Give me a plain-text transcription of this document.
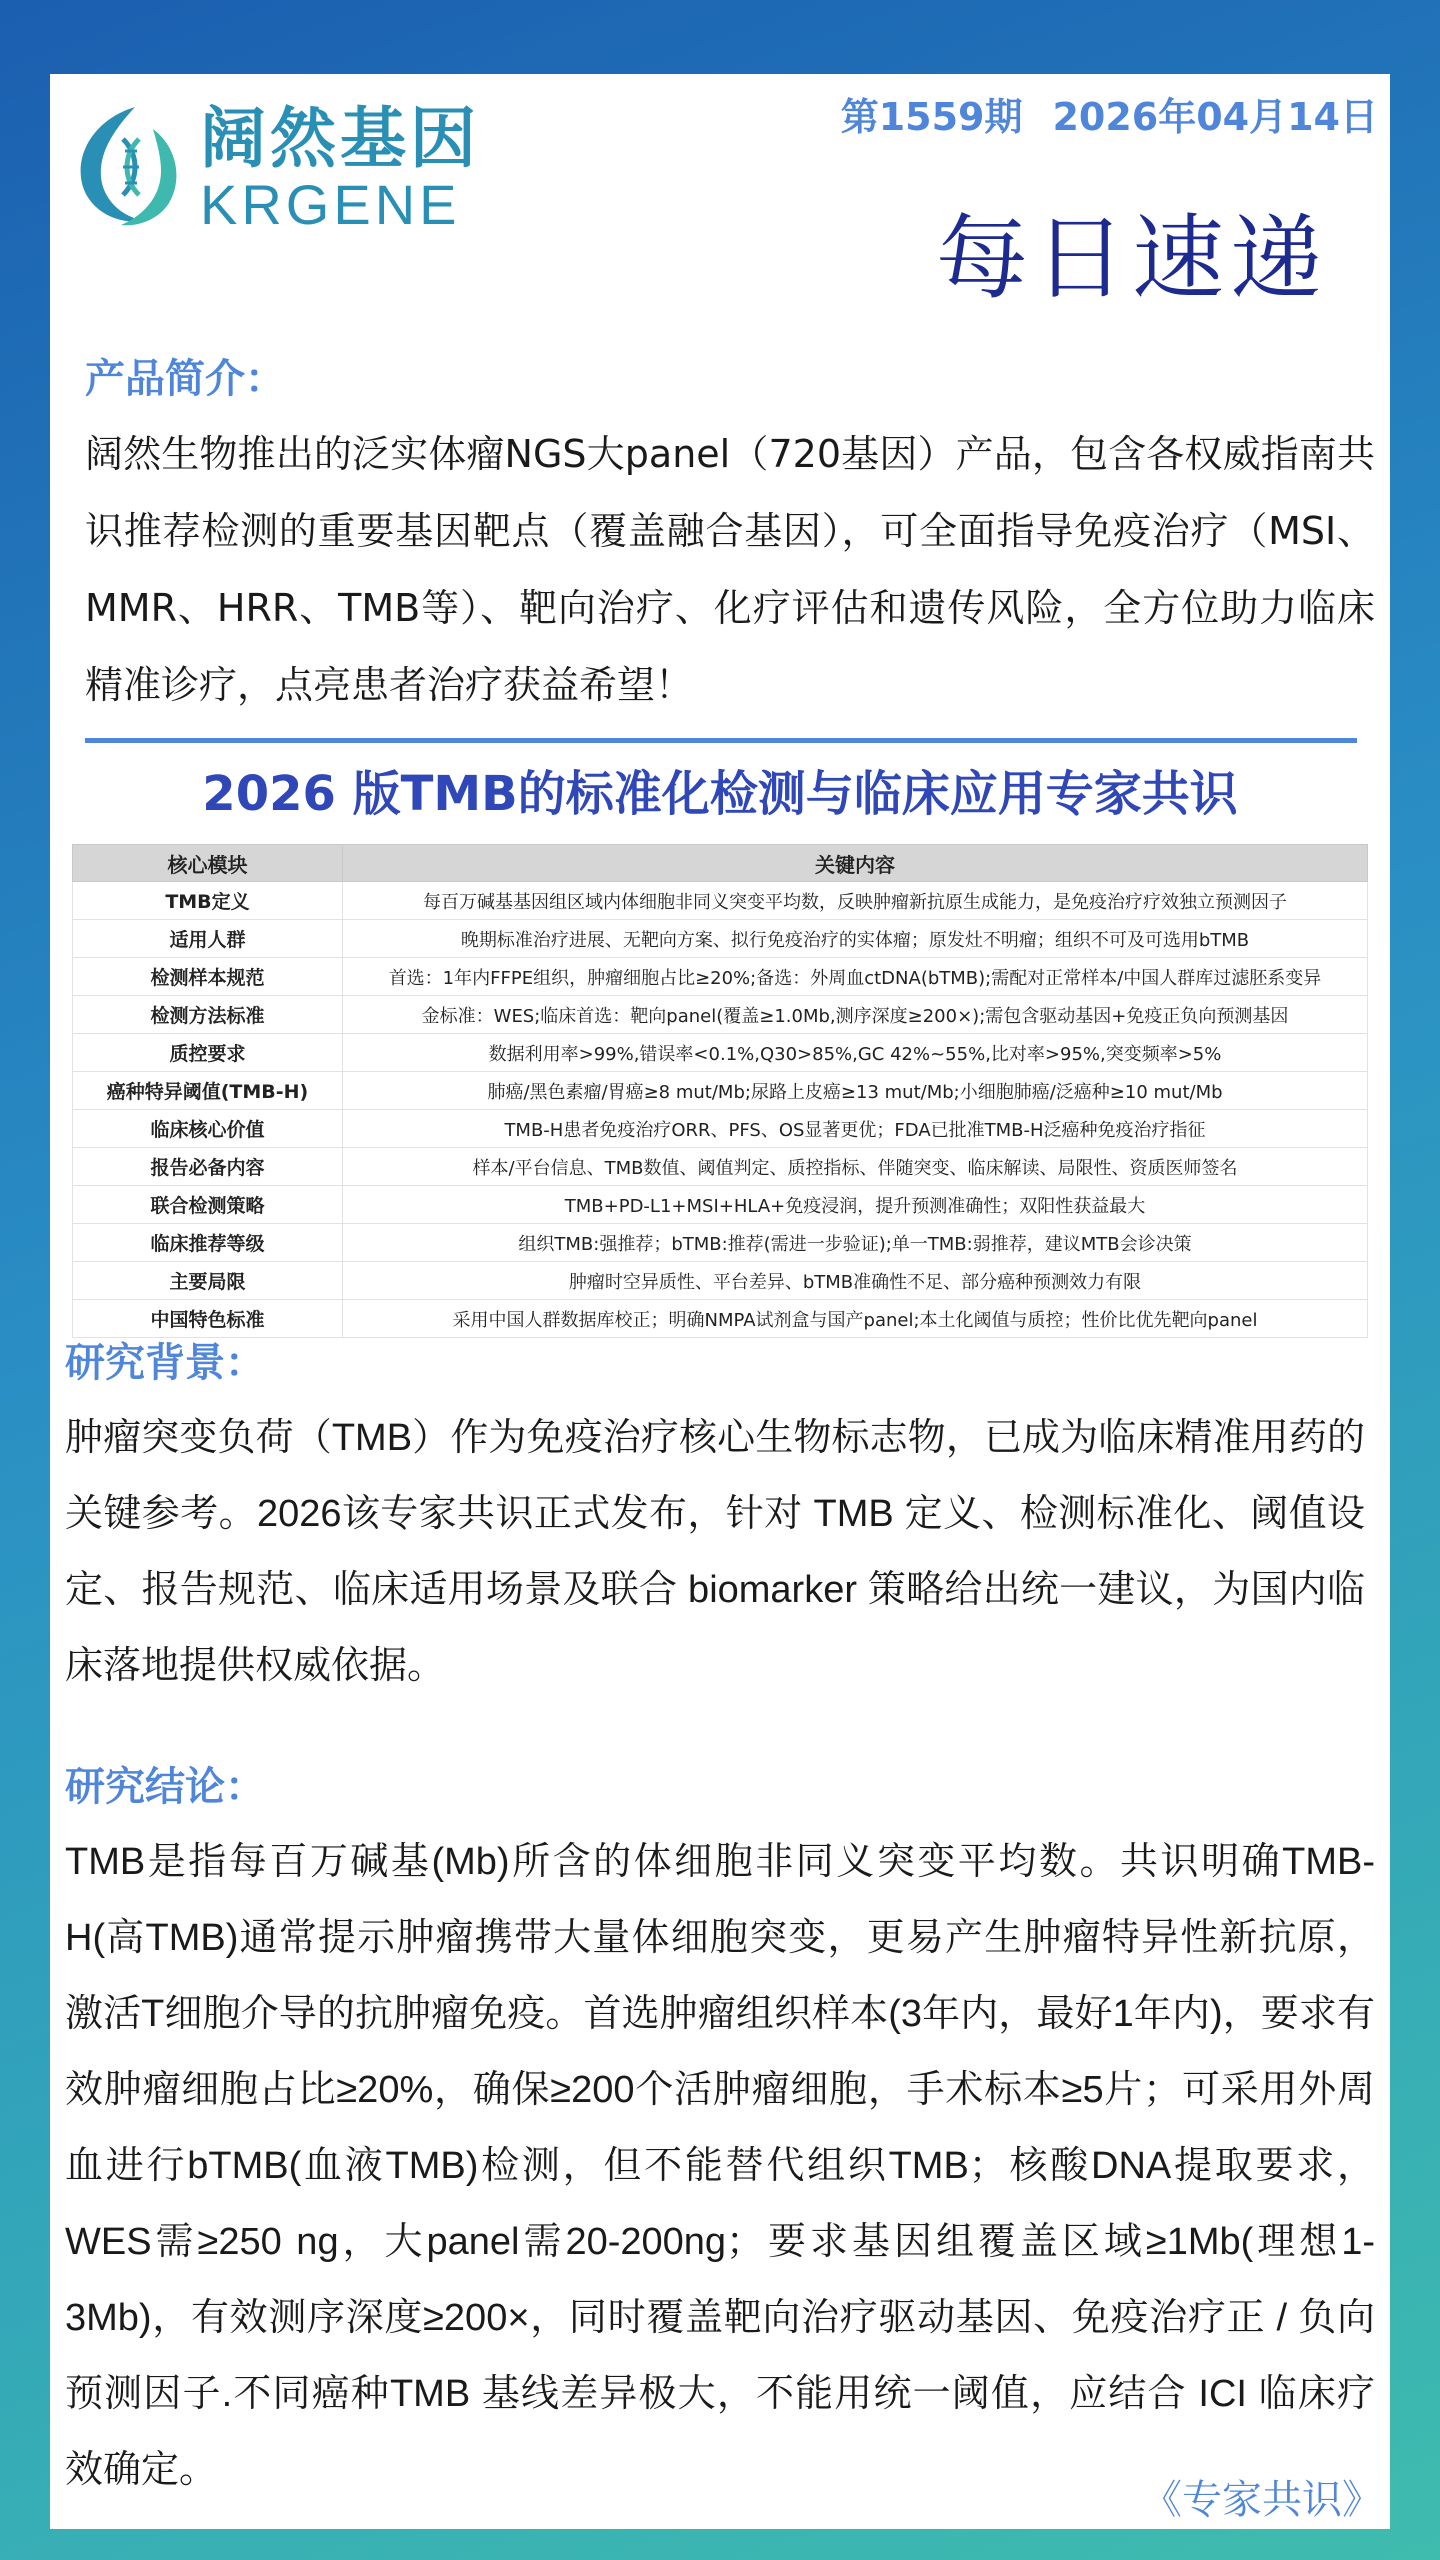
阔然基因
KRGENE
第1559期 2026年04月14日
每日速递
产品简介：
阔然生物推出的泛实体瘤NGS大panel（720基因）产品，包含各权威指南共识推荐检测的重要基因靶点（覆盖融合基因），可全面指导免疫治疗（MSI、MMR、HRR、TMB等）、靶向治疗、化疗评估和遗传风险，全方位助力临床精准诊疗，点亮患者治疗获益希望！
2026 版TMB的标准化检测与临床应用专家共识
核心模块	关键内容
TMB定义	每百万碱基基因组区域内体细胞非同义突变平均数，反映肿瘤新抗原生成能力，是免疫治疗疗效独立预测因子
适用人群	晚期标准治疗进展、无靶向方案、拟行免疫治疗的实体瘤；原发灶不明瘤；组织不可及可选用bTMB
检测样本规范	首选：1年内FFPE组织，肿瘤细胞占比≥20%;备选：外周血ctDNA(bTMB);需配对正常样本/中国人群库过滤胚系变异
检测方法标准	金标准：WES;临床首选：靶向panel(覆盖≥1.0Mb,测序深度≥200×);需包含驱动基因+免疫正负向预测基因
质控要求	数据利用率>99%,错误率<0.1%,Q30>85%,GC 42%~55%,比对率>95%,突变频率>5%
癌种特异阈值(TMB-H)	肺癌/黑色素瘤/胃癌≥8 mut/Mb;尿路上皮癌≥13 mut/Mb;小细胞肺癌/泛癌种≥10 mut/Mb
临床核心价值	TMB-H患者免疫治疗ORR、PFS、OS显著更优；FDA已批准TMB-H泛癌种免疫治疗指征
报告必备内容	样本/平台信息、TMB数值、阈值判定、质控指标、伴随突变、临床解读、局限性、资质医师签名
联合检测策略	TMB+PD-L1+MSI+HLA+免疫浸润，提升预测准确性；双阳性获益最大
临床推荐等级	组织TMB:强推荐；bTMB:推荐(需进一步验证);单一TMB:弱推荐，建议MTB会诊决策
主要局限	肿瘤时空异质性、平台差异、bTMB准确性不足、部分癌种预测效力有限
中国特色标准	采用中国人群数据库校正；明确NMPA试剂盒与国产panel;本土化阈值与质控；性价比优先靶向panel
研究背景：
肿瘤突变负荷（TMB）作为免疫治疗核心生物标志物，已成为临床精准用药的关键参考。2026该专家共识正式发布，针对 TMB 定义、检测标准化、阈值设定、报告规范、临床适用场景及联合 biomarker 策略给出统一建议，为国内临床落地提供权威依据。
研究结论：
TMB是指每百万碱基(Mb)所含的体细胞非同义突变平均数。共识明确TMB-H(高TMB)通常提示肿瘤携带大量体细胞突变，更易产生肿瘤特异性新抗原，激活T细胞介导的抗肿瘤免疫。首选肿瘤组织样本(3年内，最好1年内)，要求有效肿瘤细胞占比≥20%，确保≥200个活肿瘤细胞，手术标本≥5片；可采用外周血进行bTMB(血液TMB)检测，但不能替代组织TMB；核酸DNA提取要求，WES需≥250 ng，大panel需20-200ng；要求基因组覆盖区域≥1Mb(理想1-3Mb)，有效测序深度≥200×，同时覆盖靶向治疗驱动基因、免疫治疗正 / 负向预测因子.不同癌种TMB 基线差异极大，不能用统一阈值，应结合 ICI 临床疗效确定。
《专家共识》
